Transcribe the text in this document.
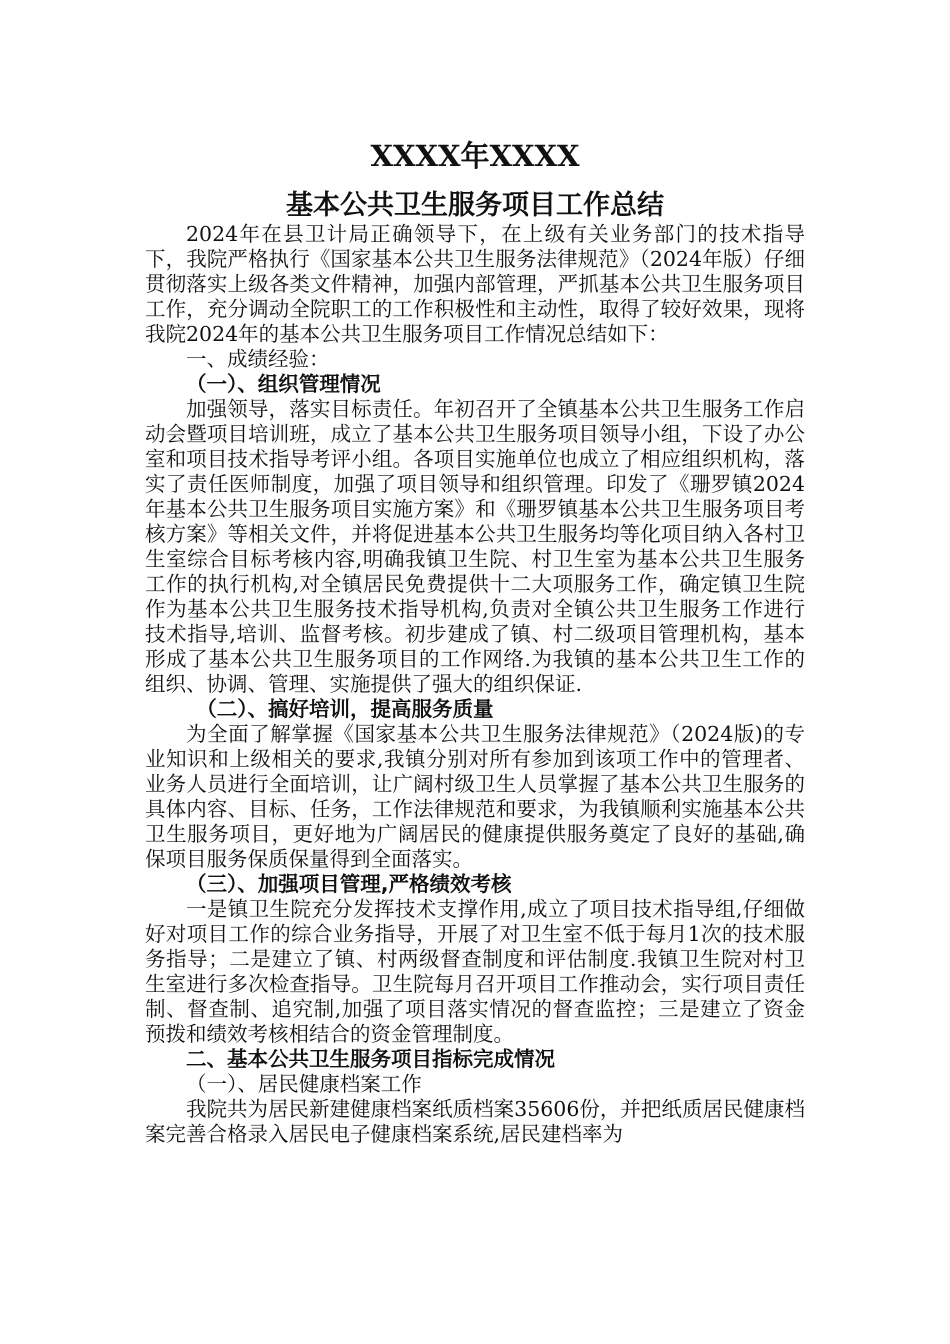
XXXX年XXXX
基本公共卫生服务项目工作总结

2024年在县卫计局正确领导下，在上级有关业务部门的技术指导下，我院严格执行《国家基本公共卫生服务法律规范》（2024年版）仔细贯彻落实上级各类文件精神，加强内部管理，严抓基本公共卫生服务项目工作，充分调动全院职工的工作积极性和主动性，取得了较好效果，现将我院2024年的基本公共卫生服务项目工作情况总结如下：

一、成绩经验：

（一）、组织管理情况

加强领导，落实目标责任。年初召开了全镇基本公共卫生服务工作启动会暨项目培训班，成立了基本公共卫生服务项目领导小组，下设了办公室和项目技术指导考评小组。各项目实施单位也成立了相应组织机构，落实了责任医师制度，加强了项目领导和组织管理。印发了《珊罗镇2024年基本公共卫生服务项目实施方案》和《珊罗镇基本公共卫生服务项目考核方案》等相关文件，并将促进基本公共卫生服务均等化项目纳入各村卫生室综合目标考核内容,明确我镇卫生院、村卫生室为基本公共卫生服务工作的执行机构,对全镇居民免费提供十二大项服务工作，确定镇卫生院作为基本公共卫生服务技术指导机构,负责对全镇公共卫生服务工作进行技术指导,培训、监督考核。初步建成了镇、村二级项目管理机构，基本形成了基本公共卫生服务项目的工作网络.为我镇的基本公共卫生工作的组织、协调、管理、实施提供了强大的组织保证.

（二）、搞好培训，提高服务质量

为全面了解掌握《国家基本公共卫生服务法律规范》（2024版)的专业知识和上级相关的要求,我镇分别对所有参加到该项工作中的管理者、业务人员进行全面培训，让广阔村级卫生人员掌握了基本公共卫生服务的具体内容、目标、任务，工作法律规范和要求，为我镇顺利实施基本公共卫生服务项目，更好地为广阔居民的健康提供服务奠定了良好的基础,确保项目服务保质保量得到全面落实。

（三）、加强项目管理,严格绩效考核

一是镇卫生院充分发挥技术支撑作用,成立了项目技术指导组,仔细做好对项目工作的综合业务指导，开展了对卫生室不低于每月1次的技术服务指导；二是建立了镇、村两级督查制度和评估制度.我镇卫生院对村卫生室进行多次检查指导。卫生院每月召开项目工作推动会，实行项目责任制、督查制、追究制,加强了项目落实情况的督查监控；三是建立了资金预拨和绩效考核相结合的资金管理制度。

二、基本公共卫生服务项目指标完成情况

（一）、居民健康档案工作

我院共为居民新建健康档案纸质档案35606份，并把纸质居民健康档案完善合格录入居民电子健康档案系统,居民建档率为
